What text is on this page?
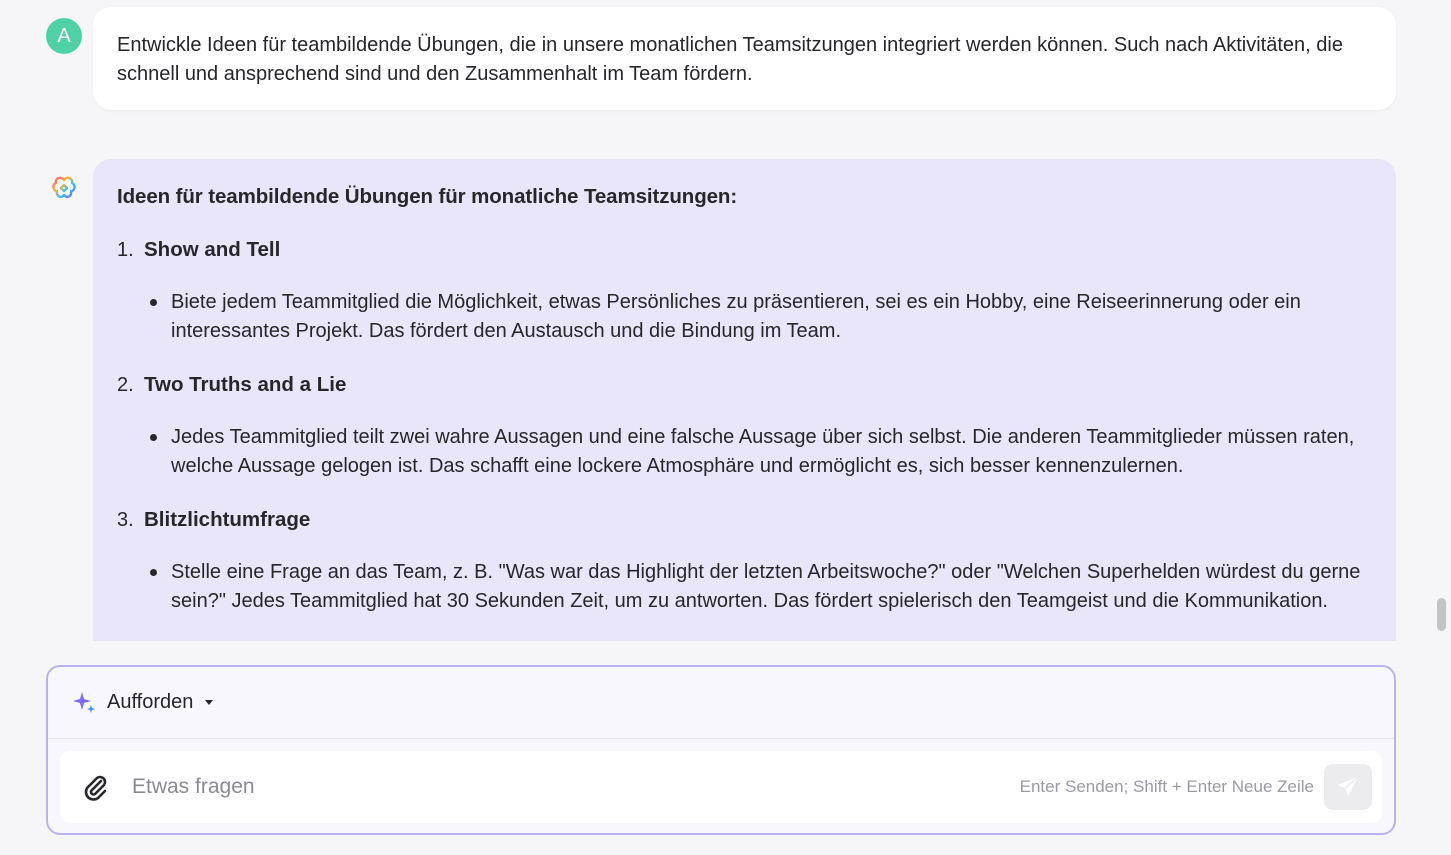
A	Entwickle Ideen für teambildende Übungen, die in unsere monatlichen Teamsitzungen integriert werden können. Such nach Aktivitäten, die schnell und ansprechend sind und den Zusammenhalt im Team fördern.
Ideen für teambildende Übungen für monatliche Teamsitzungen:
1. Show and Tell
Biete jedem Teammitglied die Möglichkeit, etwas Persönliches zu präsentieren, sei es ein Hobby, eine Reiseerinnerung oder ein interessantes Projekt. Das fördert den Austausch und die Bindung im Team.
2. Two Truths and a Lie
Jedes Teammitglied teilt zwei wahre Aussagen und eine falsche Aussage über sich selbst. Die anderen Teammitglieder müssen raten, welche Aussage gelogen ist. Das schafft eine lockere Atmosphäre und ermöglicht es, sich besser kennenzulernen.
3. Blitzlichtumfrage
Stelle eine Frage an das Team, z. B. "Was war das Highlight der letzten Arbeitswoche?" oder "Welchen Superhelden würdest du gerne sein?" Jedes Teammitglied hat 30 Sekunden Zeit, um zu antworten. Das fördert spielerisch den Teamgeist und die Kommunikation.
Aufforden
Etwas fragen
Enter Senden; Shift + Enter Neue Zeile
